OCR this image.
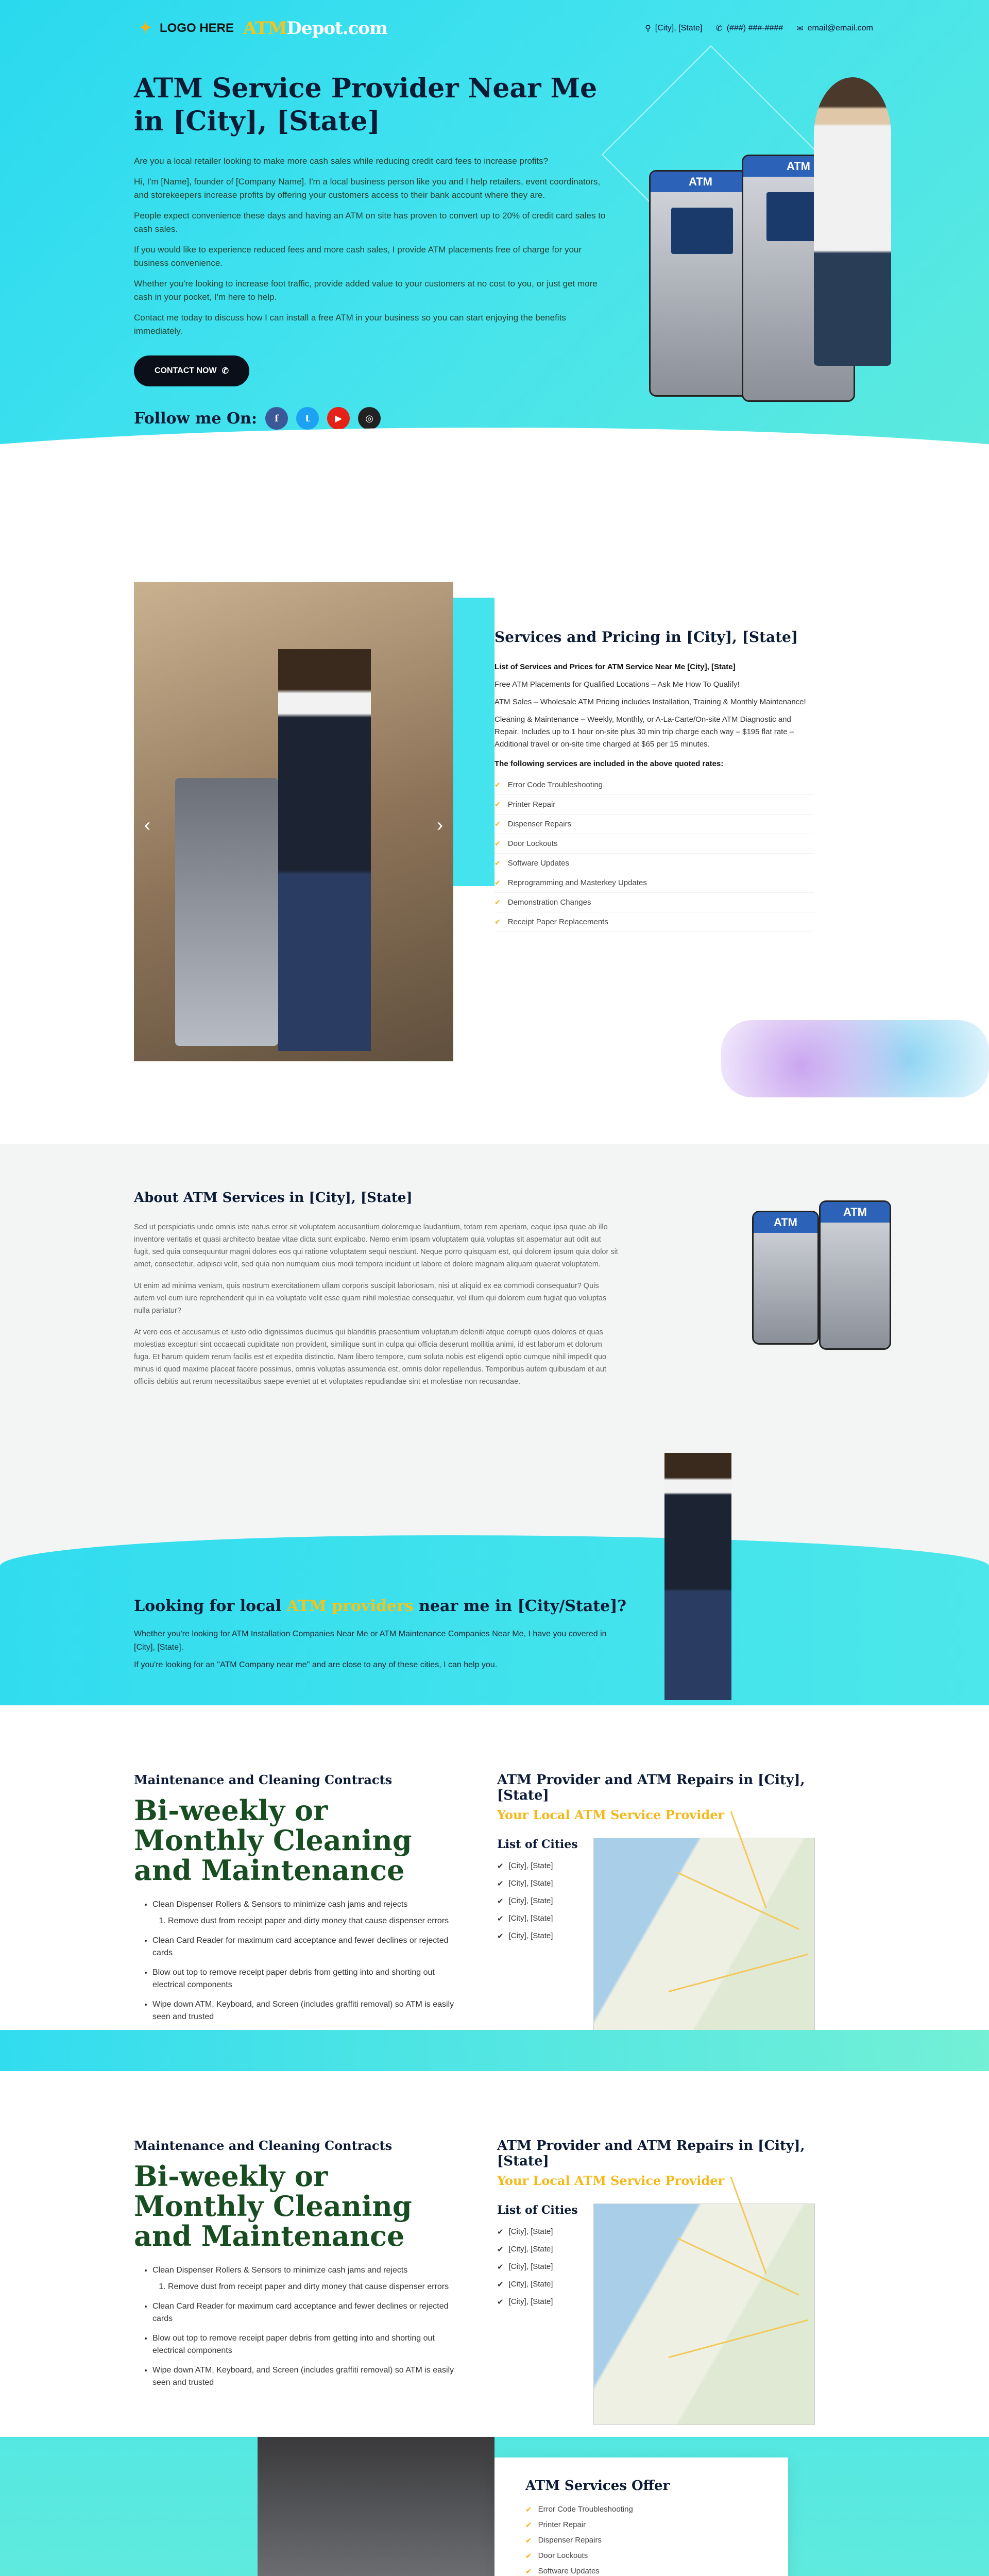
✦ LOGO HERE ATMDepot.com	⚲ [City], [State] ✆ (###) ###-#### ✉ email@email.com
ATM Service Provider Near Me in [City], [State]

Are you a local retailer looking to make more cash sales while reducing credit card fees to increase profits?

Hi, I'm [Name], founder of [Company Name]. I'm a local business person like you and I help retailers, event coordinators, and storekeepers increase profits by offering your customers access to their bank account where they are.

People expect convenience these days and having an ATM on site has proven to convert up to 20% of credit card sales to cash sales.

If you would like to experience reduced fees and more cash sales, I provide ATM placements free of charge for your business convenience.

Whether you're looking to increase foot traffic, provide added value to your customers at no cost to you, or just get more cash in your pocket, I'm here to help.

Contact me today to discuss how I can install a free ATM in your business so you can start enjoying the benefits immediately.

CONTACT NOW ✆
Follow me On:	f	t	▶	◎
ATM
ATM
‹	›
Services and Pricing in [City], [State]

List of Services and Prices for ATM Service Near Me [City], [State]

Free ATM Placements for Qualified Locations – Ask Me How To Qualify!

ATM Sales – Wholesale ATM Pricing includes Installation, Training & Monthly Maintenance!

Cleaning & Maintenance – Weekly, Monthly, or A-La-Carte/On-site ATM Diagnostic and Repair. Includes up to 1 hour on-site plus 30 min trip charge each way – $195 flat rate – Additional travel or on-site time charged at $65 per 15 minutes.

The following services are included in the above quoted rates:

✔ Error Code Troubleshooting
✔ Printer Repair
✔ Dispenser Repairs
✔ Door Lockouts
✔ Software Updates
✔ Reprogramming and Masterkey Updates
✔ Demonstration Changes
✔ Receipt Paper Replacements
About ATM Services in [City], [State]

Sed ut perspiciatis unde omnis iste natus error sit voluptatem accusantium doloremque laudantium, totam rem aperiam, eaque ipsa quae ab illo inventore veritatis et quasi architecto beatae vitae dicta sunt explicabo. Nemo enim ipsam voluptatem quia voluptas sit aspernatur aut odit aut fugit, sed quia consequuntur magni dolores eos qui ratione voluptatem sequi nesciunt. Neque porro quisquam est, qui dolorem ipsum quia dolor sit amet, consectetur, adipisci velit, sed quia non numquam eius modi tempora incidunt ut labore et dolore magnam aliquam quaerat voluptatem.

Ut enim ad minima veniam, quis nostrum exercitationem ullam corporis suscipit laboriosam, nisi ut aliquid ex ea commodi consequatur? Quis autem vel eum iure reprehenderit qui in ea voluptate velit esse quam nihil molestiae consequatur, vel illum qui dolorem eum fugiat quo voluptas nulla pariatur?

At vero eos et accusamus et iusto odio dignissimos ducimus qui blanditiis praesentium voluptatum deleniti atque corrupti quos dolores et quas molestias excepturi sint occaecati cupiditate non provident, similique sunt in culpa qui officia deserunt mollitia animi, id est laborum et dolorum fuga. Et harum quidem rerum facilis est et expedita distinctio. Nam libero tempore, cum soluta nobis est eligendi optio cumque nihil impedit quo minus id quod maxime placeat facere possimus, omnis voluptas assumenda est, omnis dolor repellendus. Temporibus autem quibusdam et aut officiis debitis aut rerum necessitatibus saepe eveniet ut et voluptates repudiandae sint et molestiae non recusandae.

ATM
ATM
Looking for local ATM providers near me in [City/State]?

Whether you're looking for ATM Installation Companies Near Me or ATM Maintenance Companies Near Me, I have you covered in [City], [State].

If you're looking for an "ATM Company near me" and are close to any of these cities, I can help you.

Maintenance and Cleaning Contracts
Bi-weekly or Monthly Cleaning and Maintenance
• Clean Dispenser Rollers & Sensors to minimize cash jams and rejects
1. Remove dust from receipt paper and dirty money that cause dispenser errors
• Clean Card Reader for maximum card acceptance and fewer declines or rejected cards
• Blow out top to remove receipt paper debris from getting into and shorting out electrical components
• Wipe down ATM, Keyboard, and Screen (includes graffiti removal) so ATM is easily seen and trusted
ATM Provider and ATM Repairs in [City], [State]
Your Local ATM Service Provider
List of Cities
✔ [City], [State]
✔ [City], [State]
✔ [City], [State]
✔ [City], [State]
✔ [City], [State]
Maintenance and Cleaning Contracts
Bi-weekly or Monthly Cleaning and Maintenance
• Clean Dispenser Rollers & Sensors to minimize cash jams and rejects
1. Remove dust from receipt paper and dirty money that cause dispenser errors
• Clean Card Reader for maximum card acceptance and fewer declines or rejected cards
• Blow out top to remove receipt paper debris from getting into and shorting out electrical components
• Wipe down ATM, Keyboard, and Screen (includes graffiti removal) so ATM is easily seen and trusted
ATM Provider and ATM Repairs in [City], [State]
Your Local ATM Service Provider
List of Cities
✔ [City], [State]
✔ [City], [State]
✔ [City], [State]
✔ [City], [State]
✔ [City], [State]
ATM Services Offer
✔ Error Code Troubleshooting
✔ Printer Repair
✔ Dispenser Repairs
✔ Door Lockouts
✔ Software Updates
